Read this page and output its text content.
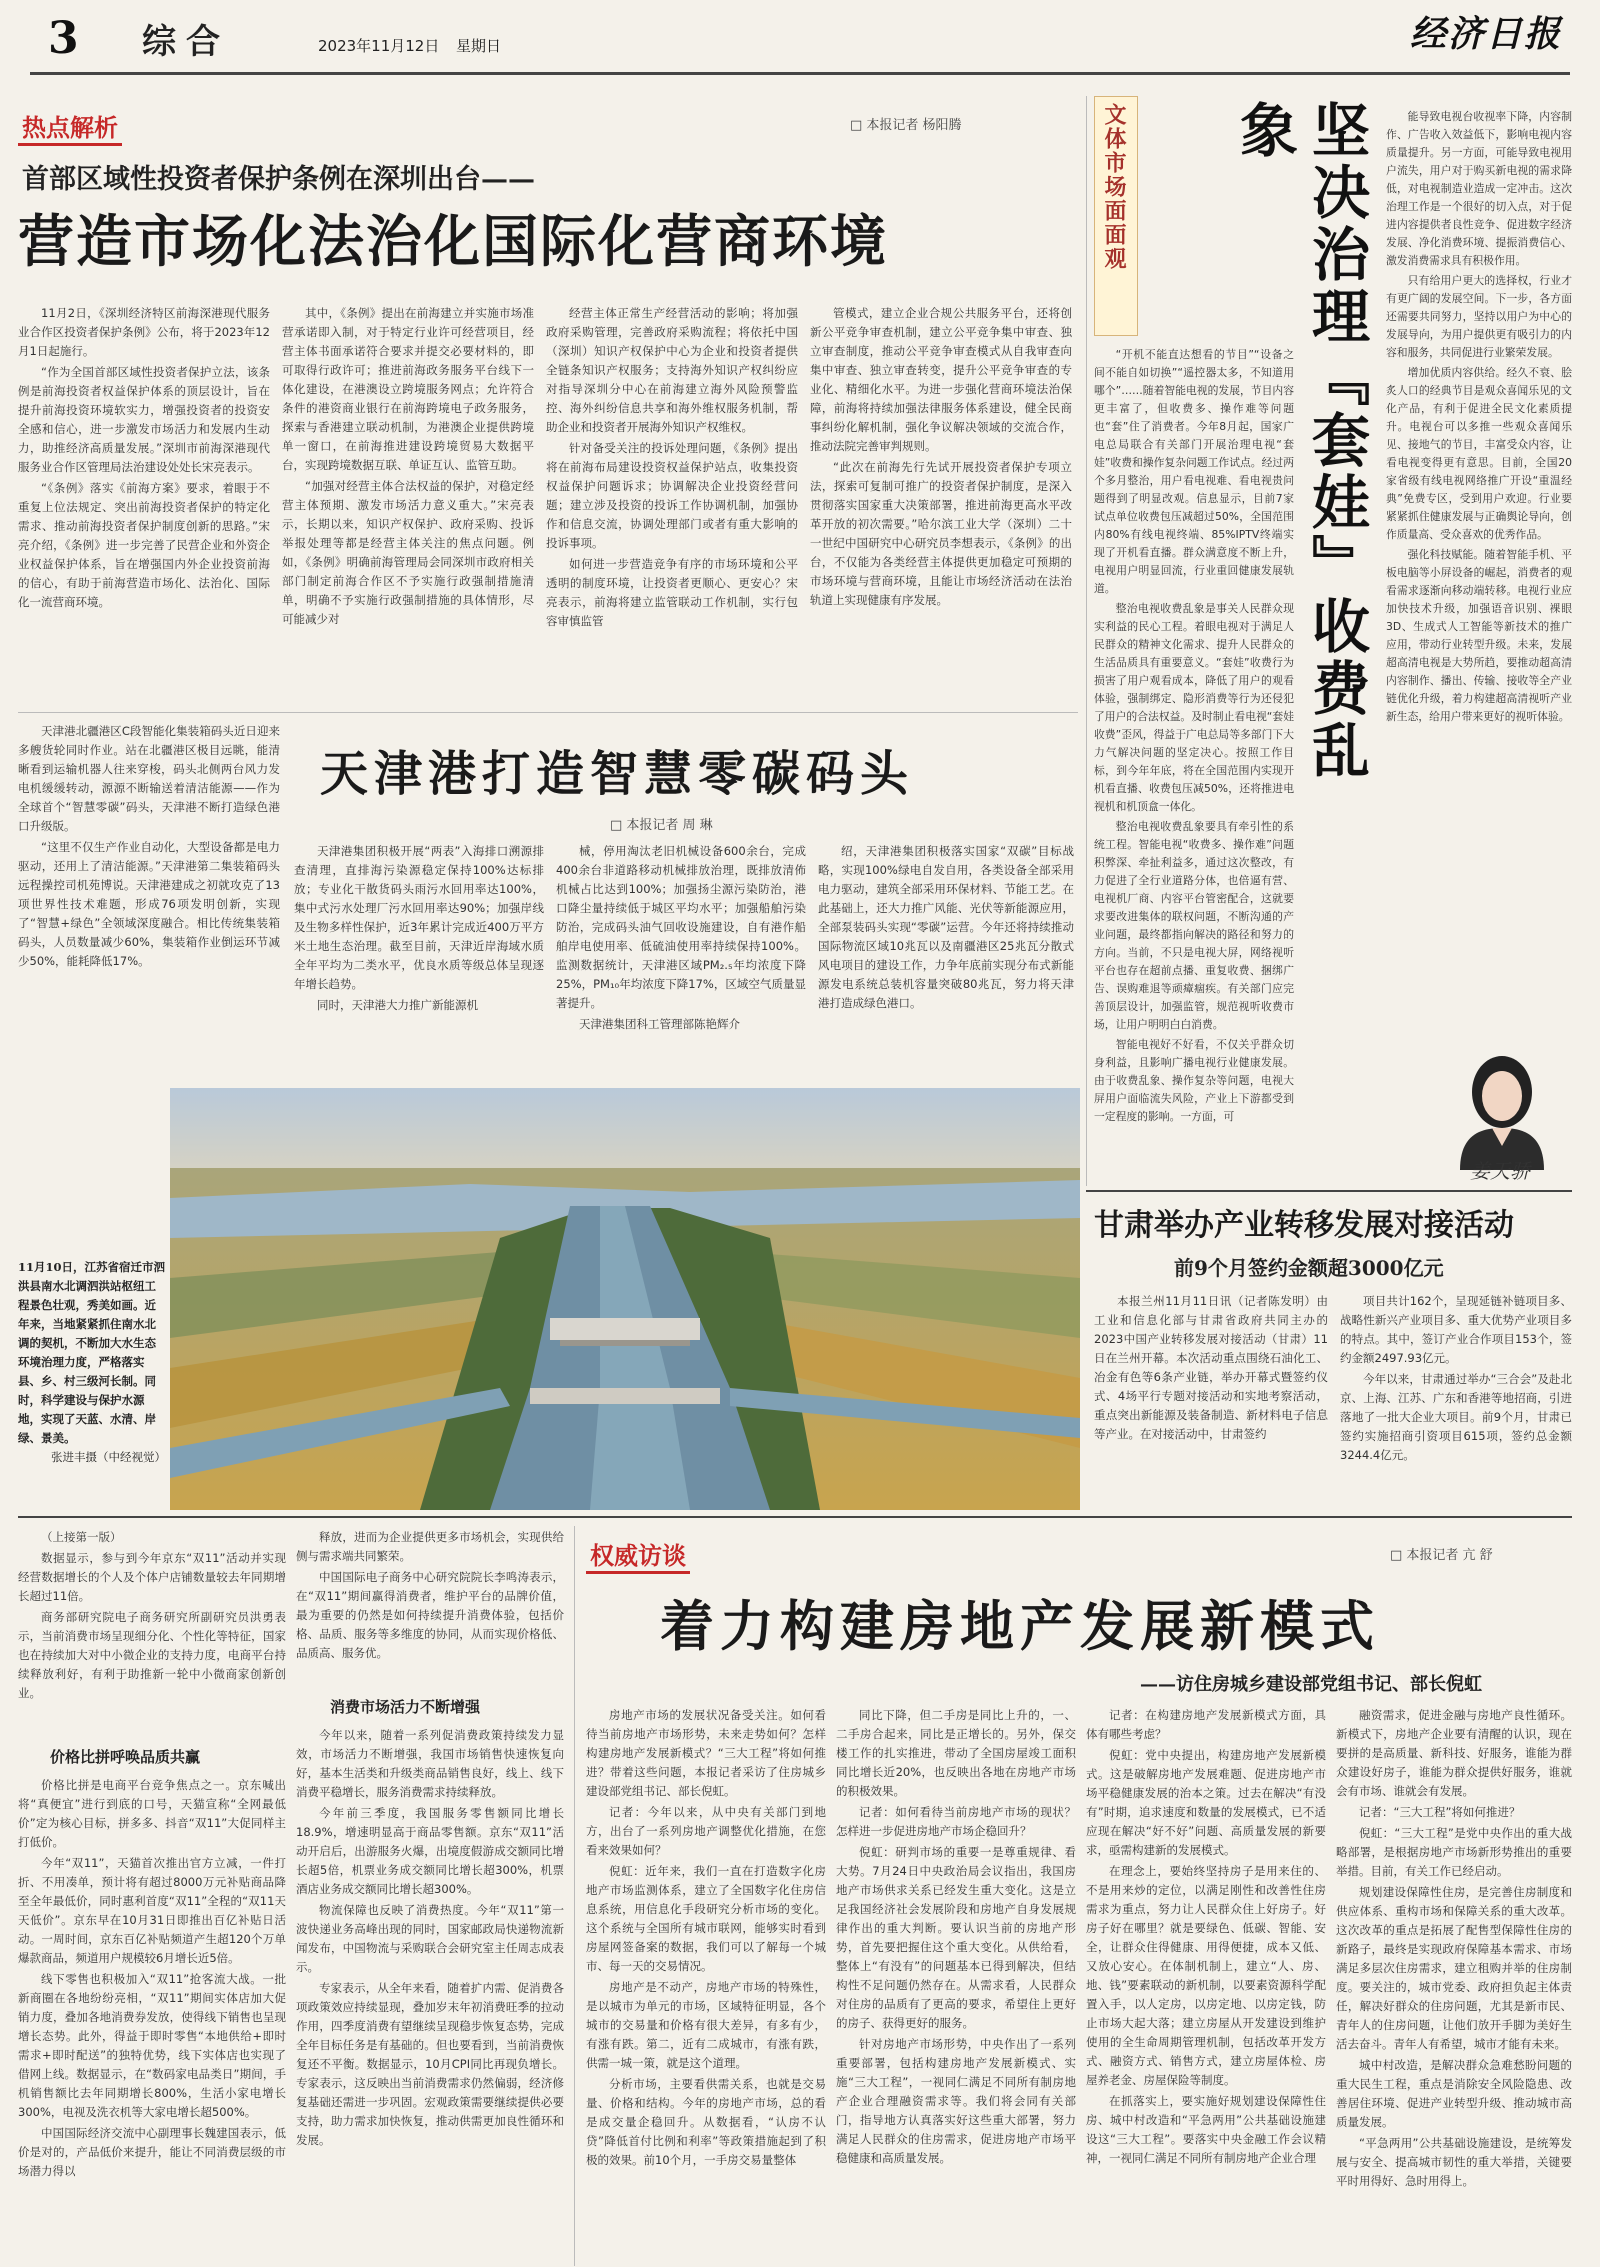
3 综合	2023年11月12日 星期日	经济日报
热点解析	□ 本报记者 杨阳腾
首部区域性投资者保护条例在深圳出台——
营造市场化法治化国际化营商环境

11月2日，《深圳经济特区前海深港现代服务业合作区投资者保护条例》公布，将于2023年12月1日起施行。

“作为全国首部区域性投资者保护立法，该条例是前海投资者权益保护体系的顶层设计，旨在提升前海投资环境软实力，增强投资者的投资安全感和信心，进一步激发市场活力和发展内生动力，助推经济高质量发展。”深圳市前海深港现代服务业合作区管理局法治建设处处长宋亮表示。

“《条例》落实《前海方案》要求，着眼于不重复上位法规定、突出前海投资者保护的特定化需求、推动前海投资者保护制度创新的思路。”宋亮介绍，《条例》进一步完善了民营企业和外资企业权益保护体系，旨在增强国内外企业投资前海的信心，有助于前海营造市场化、法治化、国际化一流营商环境。

其中，《条例》提出在前海建立并实施市场准营承诺即入制，对于特定行业许可经营项目，经营主体书面承诺符合要求并提交必要材料的，即可取得行政许可；推进前海政务服务平台线下一体化建设，在港澳设立跨境服务网点；允许符合条件的港资商业银行在前海跨境电子政务服务，探索与香港建立联动机制，为港澳企业提供跨境单一窗口，在前海推进建设跨境贸易大数据平台，实现跨境数据互联、单证互认、监管互助。

“加强对经营主体合法权益的保护，对稳定经营主体预期、激发市场活力意义重大。”宋亮表示，长期以来，知识产权保护、政府采购、投诉举报处理等都是经营主体关注的焦点问题。例如，《条例》明确前海管理局会同深圳市政府相关部门制定前海合作区不予实施行政强制措施清单，明确不予实施行政强制措施的具体情形，尽可能减少对

经营主体正常生产经营活动的影响；将加强政府采购管理，完善政府采购流程；将依托中国（深圳）知识产权保护中心为企业和投资者提供全链条知识产权服务；支持海外知识产权纠纷应对指导深圳分中心在前海建立海外风险预警监控、海外纠纷信息共享和海外维权服务机制，帮助企业和投资者开展海外知识产权维权。

针对备受关注的投诉处理问题，《条例》提出将在前海布局建设投资权益保护站点，收集投资权益保护问题诉求；协调解决企业投资经营问题；建立涉及投资的投诉工作协调机制，加强协作和信息交流，协调处理部门或者有重大影响的投诉事项。

如何进一步营造竞争有序的市场环境和公平透明的制度环境，让投资者更顺心、更安心？宋亮表示，前海将建立监管联动工作机制，实行包容审慎监管

管模式，建立企业合规公共服务平台，还将创新公平竞争审查机制，建立公平竞争集中审查、独立审查制度，推动公平竞争审查模式从自我审查向集中审查、独立审查转变，提升公平竞争审查的专业化、精细化水平。为进一步强化营商环境法治保障，前海将持续加强法律服务体系建设，健全民商事纠纷化解机制，强化争议解决领域的交流合作，推动法院完善审判规则。

“此次在前海先行先试开展投资者保护专项立法，探索可复制可推广的投资者保护制度，是深入贯彻落实国家重大决策部署，推进前海更高水平改革开放的初次需要。”哈尔滨工业大学（深圳）二十一世纪中国研究中心研究员李想表示，《条例》的出台，不仅能为各类经营主体提供更加稳定可预期的市场环境与营商环境，且能让市场经济活动在法治轨道上实现健康有序发展。

天津港北疆港区C段智能化集装箱码头近日迎来多艘货轮同时作业。站在北疆港区极目远眺，能清晰看到运输机器人往来穿梭，码头北侧两台风力发电机缓缓转动，源源不断输送着清洁能源——作为全球首个“智慧零碳”码头，天津港不断打造绿色港口升级版。

“这里不仅生产作业自动化，大型设备都是电力驱动，还用上了清洁能源。”天津港第二集装箱码头远程操控司机苑博说。天津港建成之初就攻克了13项世界性技术难题，形成76项发明创新，实现了“智慧+绿色”全领域深度融合。相比传统集装箱码头，人员数量减少60%，集装箱作业倒运环节减少50%，能耗降低17%。

天津港打造智慧零碳码头
□ 本报记者 周 琳

天津港集团积极开展“两表”入海排口溯源排查清理，直排海污染源稳定保持100%达标排放；专业化干散货码头雨污水回用率达100%，集中式污水处理厂污水回用率达90%；加强岸线及生物多样性保护，近3年累计完成近400万平方米土地生态治理。截至目前，天津近岸海域水质全年平均为二类水平，优良水质等级总体呈现逐年增长趋势。

同时，天津港大力推广新能源机

械，停用淘汰老旧机械设备600余台，完成400余台非道路移动机械排放治理，既排放清佈机械占比达到100%；加强扬尘源污染防治，港口降尘量持续低于城区平均水平；加强船舶污染防治，完成码头油气回收设施建设，自有港作船舶岸电使用率、低硫油使用率持续保持100%。监测数据统计，天津港区域PM₂.₅年均浓度下降25%，PM₁₀年均浓度下降17%，区域空气质量显著提升。

天津港集团科工管理部陈艳辉介

绍，天津港集团积极落实国家“双碳”目标战略，实现100%绿电自发自用，各类设备全部采用电力驱动，建筑全部采用环保材料、节能工艺。在此基础上，还大力推广风能、光伏等新能源应用，全部泵装码头实现“零碳”运营。今年还将持续推动国际物流区域10兆瓦以及南疆港区25兆瓦分散式风电项目的建设工作，力争年底前实现分布式新能源发电系统总装机容量突破80兆瓦，努力将天津港打造成绿色港口。

11月10日，江苏省宿迁市泗洪县南水北调泗洪站枢纽工程景色壮观，秀美如画。近年来，当地紧紧抓住南水北调的契机，不断加大水生态环境治理力度，严格落实县、乡、村三级河长制。同时，科学建设与保护水源地，实现了天蓝、水清、岸绿、景美。

张进丰摄（中经视觉）
文体市场面面观	坚决治理『套娃』收费乱象

“开机不能直达想看的节目”“设备之间不能自如切换”“遥控器太多，不知道用哪个”……随着智能电视的发展，节目内容更丰富了，但收费多、操作难等问题也“套”住了消费者。今年8月起，国家广电总局联合有关部门开展治理电视“套娃”收费和操作复杂问题工作试点。经过两个多月整治，用户看电视难、看电视贵问题得到了明显改观。信息显示，目前7家试点单位收费包压减超过50%，全国范围内80%有线电视终端、85%IPTV终端实现了开机看直播。群众满意度不断上升，电视用户明显回流，行业重回健康发展轨道。

整治电视收费乱象是事关人民群众现实利益的民心工程。着眼电视对于满足人民群众的精神文化需求、提升人民群众的生活品质具有重要意义。“套娃”收费行为损害了用户观看成本，降低了用户的观看体验，强制绑定、隐形消费等行为还侵犯了用户的合法权益。及时制止看电视“套娃收费”歪风，得益于广电总局等多部门下大力气解决问题的坚定决心。按照工作目标，到今年年底，将在全国范围内实现开机看直播、收费包压减50%，还将推进电视机和机顶盒一体化。

整治电视收费乱象要具有牵引性的系统工程。智能电视“收费多、操作难”问题积弊深、牵扯利益多，通过这次整改，有力促进了全行业道路分体，也倍逼有营、电视机厂商、内容平台管密配合，这就要求要改进集体的联权问题，不断沟通的产业问题，最终都指向解决的路径和努力的方向。当前，不只是电视大屏，网络视听平台也存在超前点播、重复收费、捆绑广告、误购难退等顽瘴痼疾。有关部门应完善顶层设计，加强监管，规范视听收费市场，让用户明明白白消费。

智能电视好不好看，不仅关乎群众切身利益，且影响广播电视行业健康发展。由于收费乱象、操作复杂等问题，电视大屏用户面临流失风险，产业上下游都受到一定程度的影响。一方面，可

能导致电视台收视率下降，内容制作、广告收入效益低下，影响电视内容质量提升。另一方面，可能导致电视用户流失，用户对于购买新电视的需求降低，对电视制造业造成一定冲击。这次治理工作是一个很好的切入点，对于促进内容提供者良性竞争、促进数字经济发展、净化消费环境、提振消费信心、激发消费需求具有积极作用。

只有给用户更大的选择权，行业才有更广阔的发展空间。下一步，各方面还需要共同努力，坚持以用户为中心的发展导向，为用户提供更有吸引力的内容和服务，共同促进行业繁荣发展。

增加优质内容供给。经久不衰、脍炙人口的经典节目是观众喜闻乐见的文化产品，有利于促进全民文化素质提升。电视台可以多推一些观众喜闻乐见、接地气的节目，丰富受众内容，让看电视变得更有意思。目前，全国20家省级有线电视网络推广开设“重温经典”免费专区，受到用户欢迎。行业要紧紧抓住健康发展与正确舆论导向，创作质量高、受众喜欢的优秀作品。

强化科技赋能。随着智能手机、平板电脑等小屏设备的崛起，消费者的观看需求逐渐向移动端转移。电视行业应加快技术升级，加强语音识别、裸眼3D、生成式人工智能等新技术的推广应用，带动行业转型升级。未来，发展超高清电视是大势所趋，要推动超高清内容制作、播出、传输、接收等全产业链优化升级，着力构建超高清视听产业新生态，给用户带来更好的视听体验。

姜天骄
甘肃举办产业转移发展对接活动
前9个月签约金额超3000亿元

本报兰州11月11日讯（记者陈发明）由工业和信息化部与甘肃省政府共同主办的2023中国产业转移发展对接活动（甘肃）11日在兰州开幕。本次活动重点围绕石油化工、冶金有色等6条产业链，举办开幕式暨签约仪式、4场平行专题对接活动和实地考察活动，重点突出新能源及装备制造、新材料电子信息等产业。在对接活动中，甘肃签约

项目共计162个，呈现延链补链项目多、战略性新兴产业项目多、重大优势产业项目多的特点。其中，签订产业合作项目153个，签约金额2497.93亿元。

今年以来，甘肃通过举办“三合会”及赴北京、上海、江苏、广东和香港等地招商，引进落地了一批大企业大项目。前9个月，甘肃已签约实施招商引资项目615项，签约总金额3244.4亿元。

（上接第一版）

数据显示，参与到今年京东“双11”活动并实现经营数据增长的个人及个体户店铺数量较去年同期增长超过11倍。

商务部研究院电子商务研究所副研究员洪勇表示，当前消费市场呈现细分化、个性化等特征，国家也在持续加大对中小微企业的支持力度，电商平台持续释放利好，有利于助推新一轮中小微商家创新创业。

价格比拼呼唤品质共赢

价格比拼是电商平台竞争焦点之一。京东喊出将“真便宜”进行到底的口号，天猫宣称“全网最低价”定为核心目标，拼多多、抖音“双11”大促同样主打低价。

今年“双11”，天猫首次推出官方立减，一件打折、不用凑单，预计将有超过8000万元补贴商品降至全年最低价，同时惠利首度“双11”全程的“双11天天低价”。京东早在10月31日即推出百亿补贴日活动。一周时间，京东百亿补贴频道产生超120个万单爆款商品，频道用户规模较6月增长近5倍。

线下零售也积极加入“双11”抢客流大战。一批新商圈在各地纷纷亮相，“双11”期间实体店加大促销力度，叠加各地消费券发放，使得线下销售也呈现增长态势。此外，得益于即时零售“本地供给+即时需求+即时配送”的独特优势，线下实体店也实现了借网上线。数据显示，在“数码家电品类日”期间，手机销售额比去年同期增长800%，生活小家电增长300%，电视及洗衣机等大家电增长超500%。

中国国际经济交流中心副理事长魏建国表示，低价是对的，产品低价来提升，能让不同消费层级的市场潜力得以

释放，进而为企业提供更多市场机会，实现供给侧与需求端共同繁荣。

中国国际电子商务中心研究院院长李鸣涛表示，在“双11”期间赢得消费者，维护平台的品牌价值，最为重要的仍然是如何持续提升消费体验，包括价格、品质、服务等多维度的协同，从而实现价格低、品质高、服务优。

消费市场活力不断增强

今年以来，随着一系列促消费政策持续发力显效，市场活力不断增强，我国市场销售快速恢复向好，基本生活类和升级类商品销售良好，线上、线下消费平稳增长，服务消费需求持续释放。

今年前三季度，我国服务零售额同比增长18.9%，增速明显高于商品零售额。京东“双11”活动开启后，出游服务火爆，出境度假游成交额同比增长超5倍，机票业务成交额同比增长超300%，机票酒店业务成交额同比增长超300%。

物流保障也反映了消费热度。今年“双11”第一波快递业务高峰出现的同时，国家邮政局快递物流新闻发布，中国物流与采购联合会研究室主任周志成表示。

专家表示，从全年来看，随着扩内需、促消费各项政策效应持续显现，叠加岁末年初消费旺季的拉动作用，四季度消费有望继续呈现稳步恢复态势，完成全年目标任务是有基础的。但也要看到，当前消费恢复还不平衡。数据显示，10月CPI同比再现负增长。专家表示，这反映出当前消费需求仍然偏弱，经济修复基础还需进一步巩固。宏观政策需要继续提供必要支持，助力需求加快恢复，推动供需更加良性循环和发展。

权威访谈	□ 本报记者 亢 舒
着力构建房地产发展新模式
——访住房城乡建设部党组书记、部长倪虹

房地产市场的发展状况备受关注。如何看待当前房地产市场形势，未来走势如何？怎样构建房地产发展新模式？“三大工程”将如何推进？带着这些问题，本报记者采访了住房城乡建设部党组书记、部长倪虹。

记者：今年以来，从中央有关部门到地方，出台了一系列房地产调整优化措施，在您看来效果如何？

倪虹：近年来，我们一直在打造数字化房地产市场监测体系，建立了全国数字化住房信息系统，用信息化手段研究分析市场的变化。这个系统与全国所有城市联网，能够实时看到房屋网签备案的数据，我们可以了解每一个城市、每一天的交易情况。

房地产是不动产，房地产市场的特殊性，是以城市为单元的市场，区域特征明显，各个城市的交易量和价格有很大差异，有多有少，有涨有跌。第二，近有二成城市，有涨有跌，供需一城一策，就是这个道理。

分析市场，主要看供需关系，也就是交易量、价格和结构。今年的房地产市场，总的看是成交量企稳回升。从数据看，“认房不认贷”降低首付比例和利率”等政策措施起到了积极的效果。前10个月，一手房交易量整体

同比下降，但二手房是同比上升的，一、二手房合起来，同比是正增长的。另外，保交楼工作的扎实推进，带动了全国房屋竣工面积同比增长近20%，也反映出各地在房地产市场的积极效果。

记者：如何看待当前房地产市场的现状？怎样进一步促进房地产市场企稳回升？

倪虹：研判市场的重要一是尊重规律、看大势。7月24日中央政治局会议指出，我国房地产市场供求关系已经发生重大变化。这是立足我国经济社会发展阶段和房地产自身发展规律作出的重大判断。要认识当前的房地产形势，首先要把握住这个重大变化。从供给看，整体上“有没有”的问题基本已得到解决，但结构性不足问题仍然存在。从需求看，人民群众对住房的品质有了更高的要求，希望住上更好的房子、获得更好的服务。

针对房地产市场形势，中央作出了一系列重要部署，包括构建房地产发展新模式、实施“三大工程”，一视同仁满足不同所有制房地产企业合理融资需求等。我们将会同有关部门，指导地方认真落实好这些重大部署，努力满足人民群众的住房需求，促进房地产市场平稳健康和高质量发展。

记者：在构建房地产发展新模式方面，具体有哪些考虑？

倪虹：党中央提出，构建房地产发展新模式。这是破解房地产发展难题、促进房地产市场平稳健康发展的治本之策。过去在解决“有没有”时期，追求速度和数量的发展模式，已不适应现在解决“好不好”问题、高质量发展的新要求，亟需构建新的发展模式。

在理念上，要始终坚持房子是用来住的、不是用来炒的定位，以满足刚性和改善性住房需求为重点，努力让人民群众住上好房子。好房子好在哪里？就是要绿色、低碳、智能、安全，让群众住得健康、用得便捷，成本又低、又放心安心。在体制机制上，建立“人、房、地、钱”要素联动的新机制，以要素资源科学配置入手，以人定房，以房定地、以房定钱，防止市场大起大落；建立房屋从开发建设到维护使用的全生命周期管理机制，包括改革开发方式、融资方式、销售方式，建立房屋体检、房屋养老金、房屋保险等制度。

在抓落实上，要实施好规划建设保障性住房、城中村改造和“平急两用”公共基础设施建设这“三大工程”。要落实中央金融工作会议精神，一视同仁满足不同所有制房地产企业合理

融资需求，促进金融与房地产良性循环。新模式下，房地产企业要有清醒的认识，现在要拼的是高质量、新科技、好服务，谁能为群众建设好房子，谁能为群众提供好服务，谁就会有市场、谁就会有发展。

记者：“三大工程”将如何推进？

倪虹：“三大工程”是党中央作出的重大战略部署，是根据房地产市场新形势推出的重要举措。目前，有关工作已经启动。

规划建设保障性住房，是完善住房制度和供应体系、重构市场和保障关系的重大改革。这次改革的重点是拓展了配售型保障性住房的新路子，最终是实现政府保障基本需求、市场满足多层次住房需求，建立租购并举的住房制度。要关注的，城市党委、政府担负起主体责任，解决好群众的住房问题，尤其是新市民、青年人的住房问题，让他们放开手脚为美好生活去奋斗。青年人有希望，城市才能有未来。

城中村改造，是解决群众急难愁盼问题的重大民生工程，重点是消除安全风险隐患、改善居住环境、促进产业转型升级、推动城市高质量发展。

“平急两用”公共基础设施建设，是统筹发展与安全、提高城市韧性的重大举措，关键要平时用得好、急时用得上。
